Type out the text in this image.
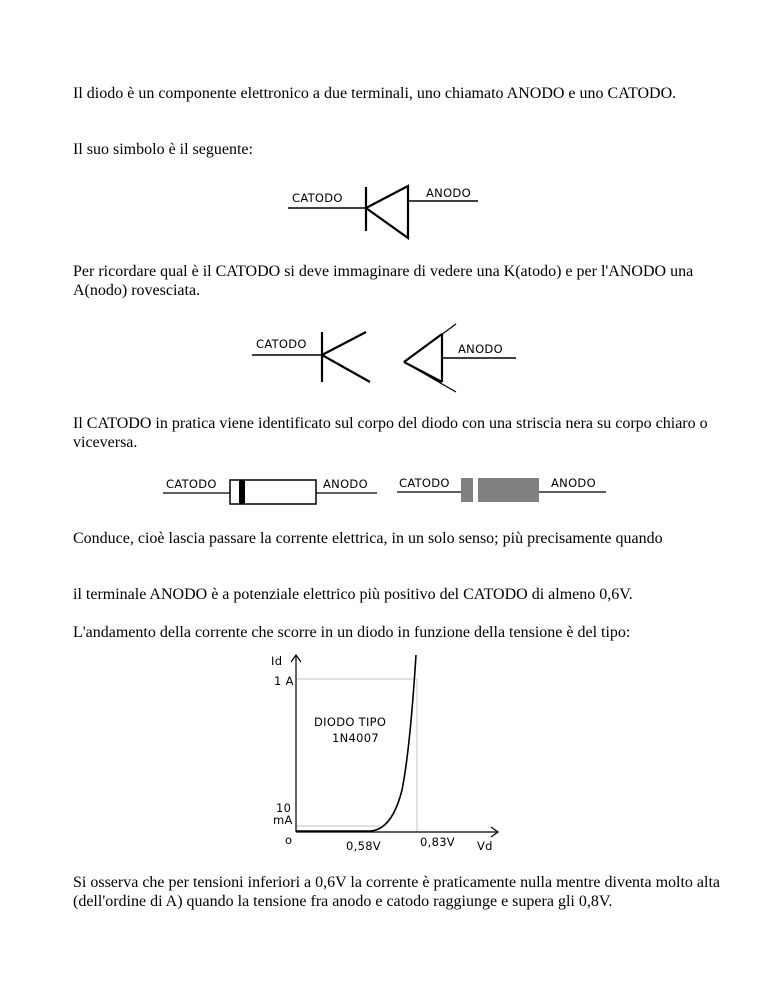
Il diodo è un componente elettronico a due terminali, uno chiamato ANODO e uno CATODO.

Il suo simbolo è il seguente:

CATODO	ANODO

Per ricordare qual è il CATODO si deve immaginare di vedere una K(atodo) e per l'ANODO una A(nodo) rovesciata.

CATODO	ANODO

Il CATODO in pratica viene identificato sul corpo del diodo con una striscia nera su corpo chiaro o viceversa.

CATODO	ANODO	CATODO	ANODO

Conduce, cioè lascia passare la corrente elettrica, in un solo senso; più precisamente quando

il terminale ANODO è a potenziale elettrico più positivo del CATODO di almeno 0,6V.

L'andamento della corrente che scorre in un diodo in funzione della tensione è del tipo:

Id
1 A
10
mA
o	0,58V	0,83V Vd
DIODO TIPO
1N4007

Si osserva che per tensioni inferiori a 0,6V la corrente è praticamente nulla mentre diventa molto alta (dell'ordine di A) quando la tensione fra anodo e catodo raggiunge e supera gli 0,8V.
